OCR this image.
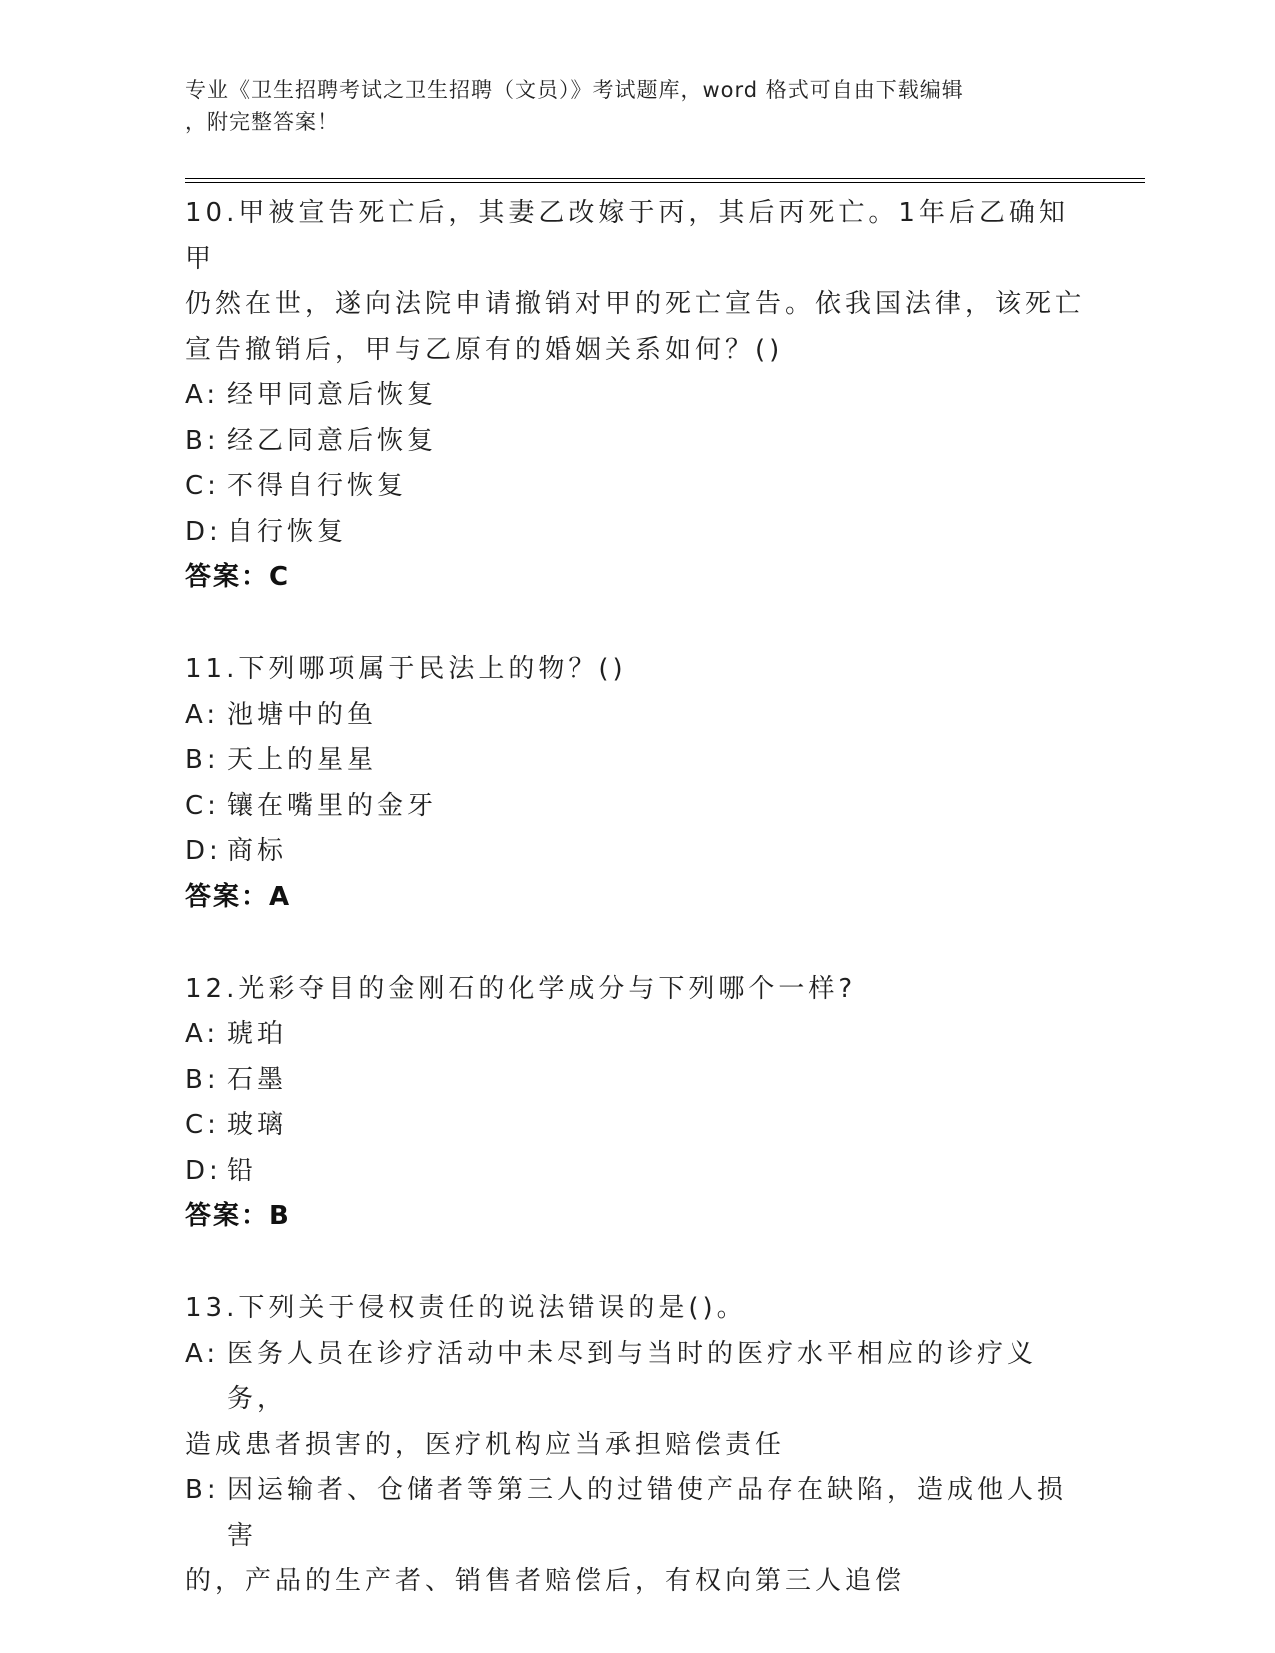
专业《卫生招聘考试之卫生招聘（文员）》考试题库，word 格式可自由下载编辑
，附完整答案！
10.甲被宣告死亡后，其妻乙改嫁于丙，其后丙死亡。1年后乙确知甲
仍然在世，遂向法院申请撤销对甲的死亡宣告。依我国法律，该死亡
宣告撤销后，甲与乙原有的婚姻关系如何？()
A: 经甲同意后恢复
B: 经乙同意后恢复
C: 不得自行恢复
D: 自行恢复
答案：C
11.下列哪项属于民法上的物？()
A: 池塘中的鱼
B: 天上的星星
C: 镶在嘴里的金牙
D: 商标
答案：A
12.光彩夺目的金刚石的化学成分与下列哪个一样?
A: 琥珀
B: 石墨
C: 玻璃
D: 铅
答案：B
13.下列关于侵权责任的说法错误的是()。
A: 医务人员在诊疗活动中未尽到与当时的医疗水平相应的诊疗义务，
造成患者损害的，医疗机构应当承担赔偿责任
B: 因运输者、仓储者等第三人的过错使产品存在缺陷，造成他人损害
的，产品的生产者、销售者赔偿后，有权向第三人追偿
